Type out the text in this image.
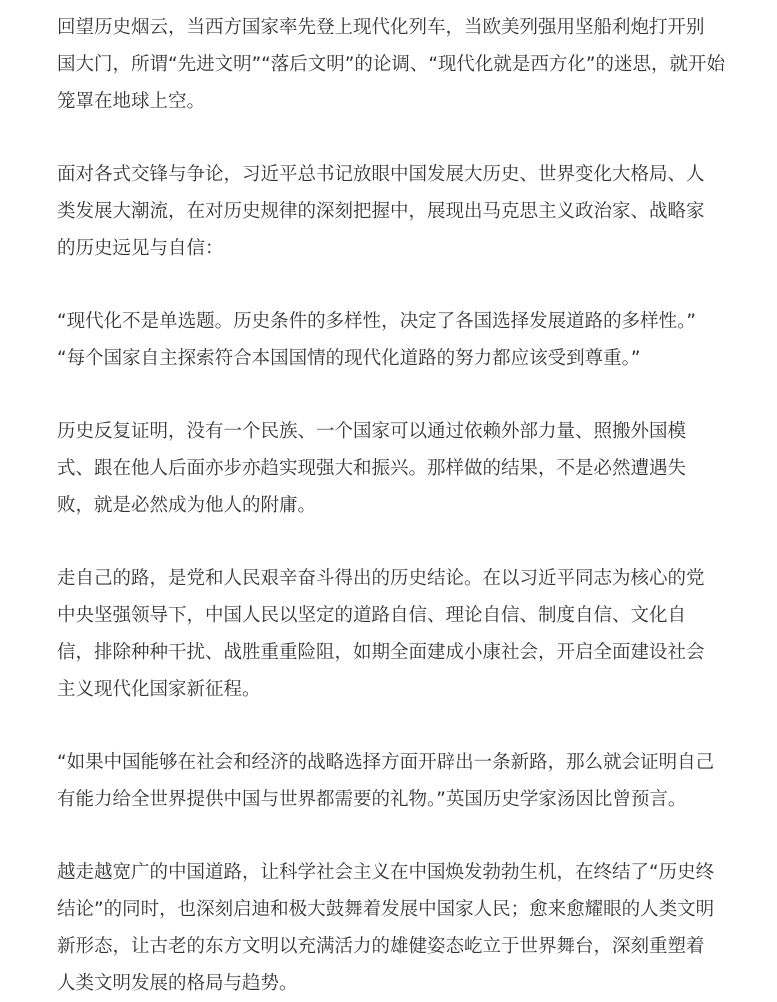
回望历史烟云，当西方国家率先登上现代化列车，当欧美列强用坚船利炮打开别
国大门，所谓“先进文明”“落后文明”的论调、“现代化就是西方化”的迷思，就开始
笼罩在地球上空。

面对各式交锋与争论，习近平总书记放眼中国发展大历史、世界变化大格局、人
类发展大潮流，在对历史规律的深刻把握中，展现出马克思主义政治家、战略家
的历史远见与自信：

“现代化不是单选题。历史条件的多样性，决定了各国选择发展道路的多样性。”
“每个国家自主探索符合本国国情的现代化道路的努力都应该受到尊重。”

历史反复证明，没有一个民族、一个国家可以通过依赖外部力量、照搬外国模
式、跟在他人后面亦步亦趋实现强大和振兴。那样做的结果，不是必然遭遇失
败，就是必然成为他人的附庸。

走自己的路，是党和人民艰辛奋斗得出的历史结论。在以习近平同志为核心的党
中央坚强领导下，中国人民以坚定的道路自信、理论自信、制度自信、文化自
信，排除种种干扰、战胜重重险阻，如期全面建成小康社会，开启全面建设社会
主义现代化国家新征程。

“如果中国能够在社会和经济的战略选择方面开辟出一条新路，那么就会证明自己
有能力给全世界提供中国与世界都需要的礼物。”英国历史学家汤因比曾预言。

越走越宽广的中国道路，让科学社会主义在中国焕发勃勃生机，在终结了“历史终
结论”的同时，也深刻启迪和极大鼓舞着发展中国家人民；愈来愈耀眼的人类文明
新形态，让古老的东方文明以充满活力的雄健姿态屹立于世界舞台，深刻重塑着
人类文明发展的格局与趋势。
